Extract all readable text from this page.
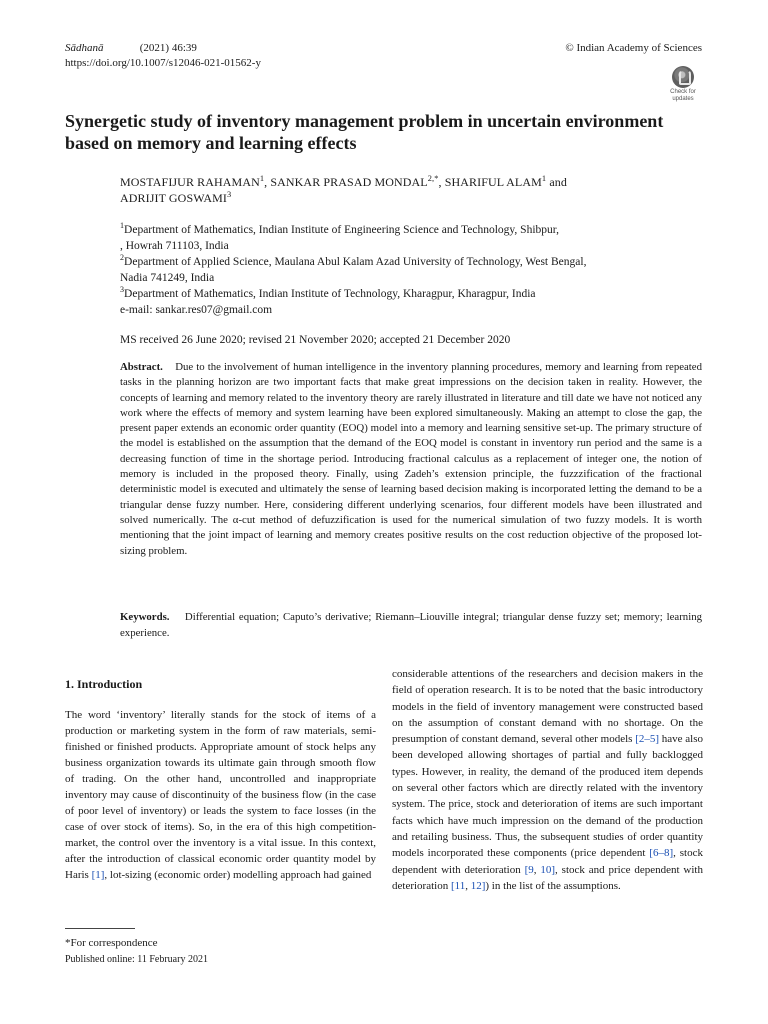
Sādhanā	(2021) 46:39
https://doi.org/10.1007/s12046-021-01562-y
© Indian Academy of Sciences
Check for
updates
Synergetic study of inventory management problem in uncertain environment based on memory and learning effects
MOSTAFIJUR RAHAMAN$^1$, SANKAR PRASAD $MONDAL^{2,*}$, SHARIFUL ALAM$^1$ and
ADRIJIT GOSWAMI$^3$

$^1$Department of Mathematics, Indian Institute of Engineering Science and Technology, Shibpur,

, Howrah 711103, India

$^2$Department of Applied Science, Maulana Abul Kalam Azad University of Technology, West Bengal,

Nadia 741249, India

$^3$Department of Mathematics, Indian Institute of Technology, Kharagpur, Kharagpur, India

e-mail: sankar.res07@gmail.com

MS received 26 June 2020; revised 21 November 2020; accepted 21 December 2020

Abstract. Due to the involvement of human intelligence in the inventory planning procedures, memory and learning from repeated tasks in the planning horizon are two important facts that make great impressions on the decision taken in reality. However, the concepts of learning and memory related to the inventory theory are rarely illustrated in literature and till date we have not noticed any work where the effects of memory and system learning have been explored simultaneously. Making an attempt to close the gap, the present paper extends an economic order quantity (EOQ) model into a memory and learning sensitive set-up. The primary structure of the model is established on the assumption that the demand of the EOQ model is constant in inventory run period and the same is a decreasing function of time in the shortage period. Introducing fractional calculus as a replacement of integer one, the notion of memory is included in the proposed theory. Finally, using Zadeh’s extension principle, the fuzzzification of the fractional deterministic model is executed and ultimately the sense of learning based decision making is incorporated letting the demand to be a triangular dense fuzzy number. Here, considering different underlying scenarios, four different models have been illustrated and solved numerically. The α-cut method of defuzzification is used for the numerical simulation of two fuzzy models. It is worth mentioning that the joint impact of learning and memory creates positive results on the cost reduction objective of the proposed lot-sizing problem.

Keywords. Differential equation; Caputo’s derivative; Riemann–Liouville integral; triangular dense fuzzy set; memory; learning experience.

1. Introduction

The word ‘inventory’ literally stands for the stock of items of a production or marketing system in the form of raw materials, semi-finished or finished products. Appropriate amount of stock helps any business organization towards its ultimate gain through smooth flow of trading. On the other hand, uncontrolled and inappropriate inventory may cause of discontinuity of the business flow (in the case of poor level of inventory) or leads the system to face losses (in the case of over stock of items). So, in the era of this high competition-market, the control over the inventory is a vital issue. In this context, after the introduction of classical economic order quantity model by Haris [1], lot-sizing (economic order) modelling approach had gained

considerable attentions of the researchers and decision makers in the field of operation research. It is to be noted that the basic introductory models in the field of inventory management were constructed based on the assumption of constant demand with no shortage. On the presumption of constant demand, several other models [2–5] have also been developed allowing shortages of partial and fully backlogged types. However, in reality, the demand of the produced item depends on several other factors which are directly related with the inventory system. The price, stock and deterioration of items are such important facts which have much impression on the demand of the production and retailing business. Thus, the subsequent studies of order quantity models incorporated these components (price dependent [6–8], stock dependent with deterioration [9, 10], stock and price dependent with deterioration [11, 12]) in the list of the assumptions.

*For correspondence
Published online: 11 February 2021
